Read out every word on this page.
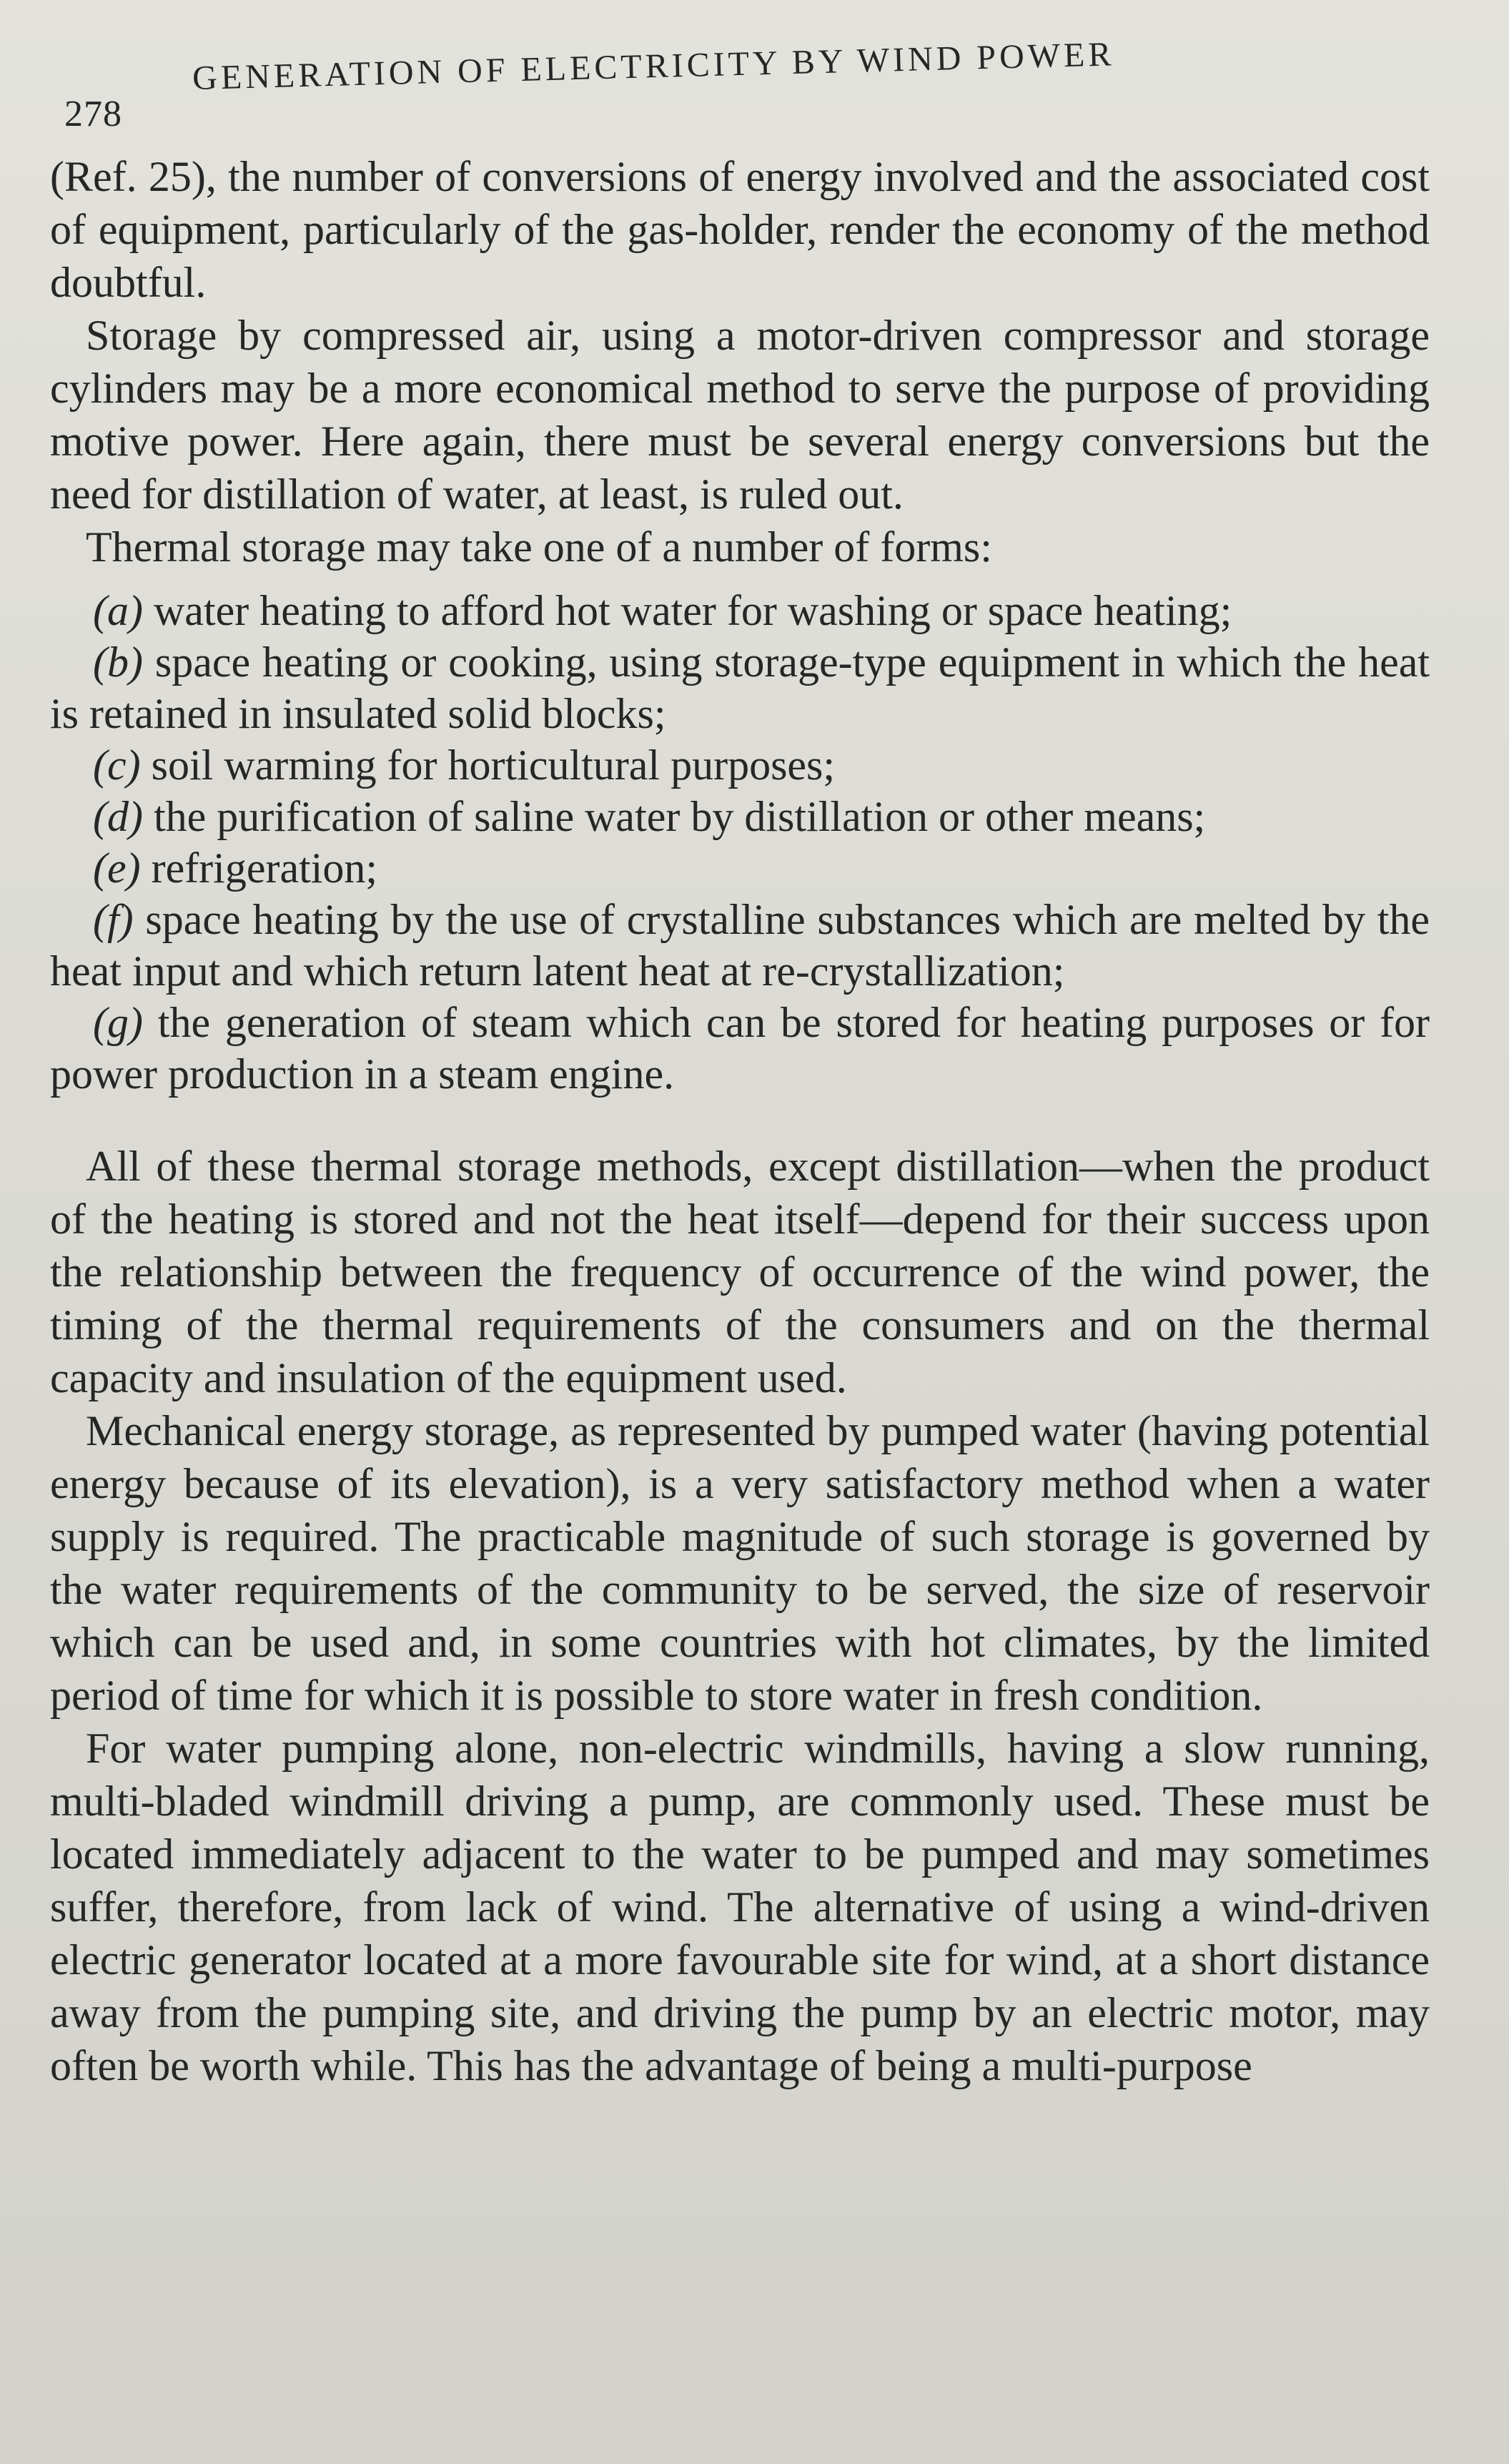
278
GENERATION OF ELECTRICITY BY WIND POWER

(Ref. 25), the number of conversions of energy involved and the associated cost of equipment, particularly of the gas-holder, render the economy of the method doubtful.

Storage by compressed air, using a motor-driven compressor and storage cylinders may be a more economical method to serve the purpose of providing motive power. Here again, there must be several energy conversions but the need for distillation of water, at least, is ruled out.

Thermal storage may take one of a number of forms:

(a) water heating to afford hot water for washing or space heating;
(b) space heating or cooking, using storage-type equipment in which the heat is retained in insulated solid blocks;
(c) soil warming for horticultural purposes;
(d) the purification of saline water by distillation or other means;
(e) refrigeration;
(f) space heating by the use of crystalline substances which are melted by the heat input and which return latent heat at re-crystallization;
(g) the generation of steam which can be stored for heating purposes or for power production in a steam engine.

All of these thermal storage methods, except distillation—when the product of the heating is stored and not the heat itself—depend for their success upon the relationship between the frequency of occurrence of the wind power, the timing of the thermal requirements of the consumers and on the thermal capacity and insulation of the equipment used.

Mechanical energy storage, as represented by pumped water (having potential energy because of its elevation), is a very satisfactory method when a water supply is required. The practicable magnitude of such storage is governed by the water requirements of the community to be served, the size of reservoir which can be used and, in some countries with hot climates, by the limited period of time for which it is possible to store water in fresh condition.

For water pumping alone, non-electric windmills, having a slow running, multi-bladed windmill driving a pump, are commonly used. These must be located immediately adjacent to the water to be pumped and may sometimes suffer, therefore, from lack of wind. The alternative of using a wind-driven electric generator located at a more favourable site for wind, at a short distance away from the pumping site, and driving the pump by an electric motor, may often be worth while. This has the advantage of being a multi-purpose
